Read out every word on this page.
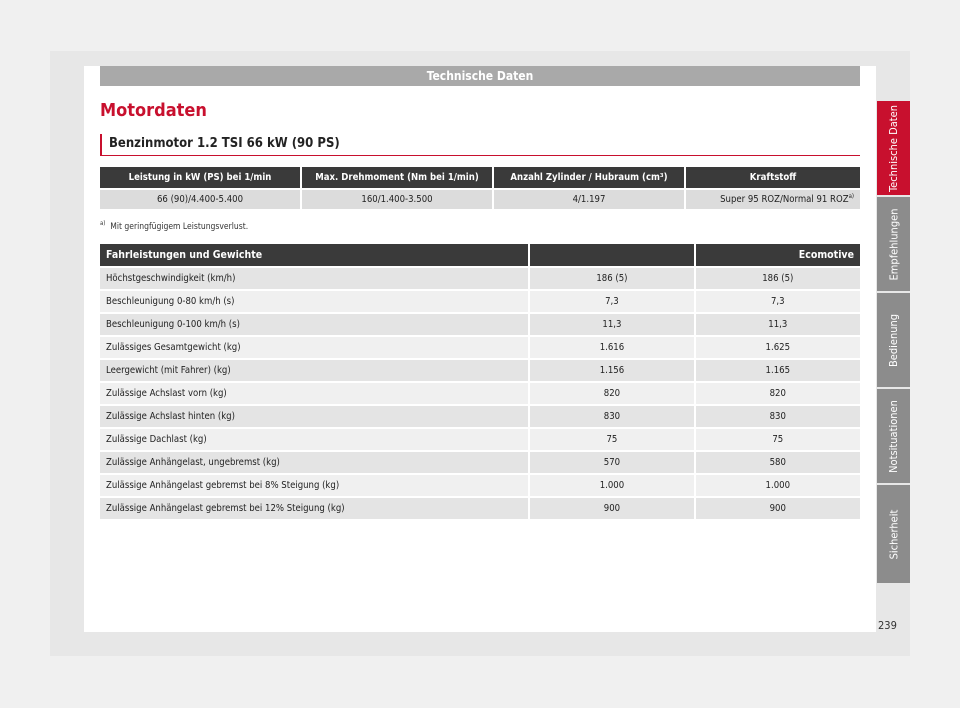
Technische Daten
Motordaten
Benzinmotor 1.2 TSI 66 kW (90 PS)
Leistung in kW (PS) bei 1/min	Max. Drehmoment (Nm bei 1/min)	Anzahl Zylinder / Hubraum (cm³)	Kraftstoff

66 (90)/4.400-5.400	160/1.400-3.500	4/1.197	Super 95 ROZ/Normal 91 ROZ$^{a)}$
$^{a)}$ Mit geringfügigem Leistungsverlust.
Fahrleistungen und Gewichte		Ecomotive
Höchstgeschwindigkeit (km/h)	186 (5)	186 (5)
Beschleunigung 0-80 km/h (s)	7,3	7,3
Beschleunigung 0-100 km/h (s)	11,3	11,3
Zulässiges Gesamtgewicht (kg)	1.616	1.625
Leergewicht (mit Fahrer) (kg)	1.156	1.165
Zulässige Achslast vorn (kg)	820	820
Zulässige Achslast hinten (kg)	830	830
Zulässige Dachlast (kg)	75	75
Zulässige Anhängelast, ungebremst (kg)	570	580
Zulässige Anhängelast gebremst bei 8% Steigung (kg)	1.000	1.000
Zulässige Anhängelast gebremst bei 12% Steigung (kg)	900	900
Technische Daten
Empfehlungen
Bedienung
Notsituationen
Sicherheit
239
